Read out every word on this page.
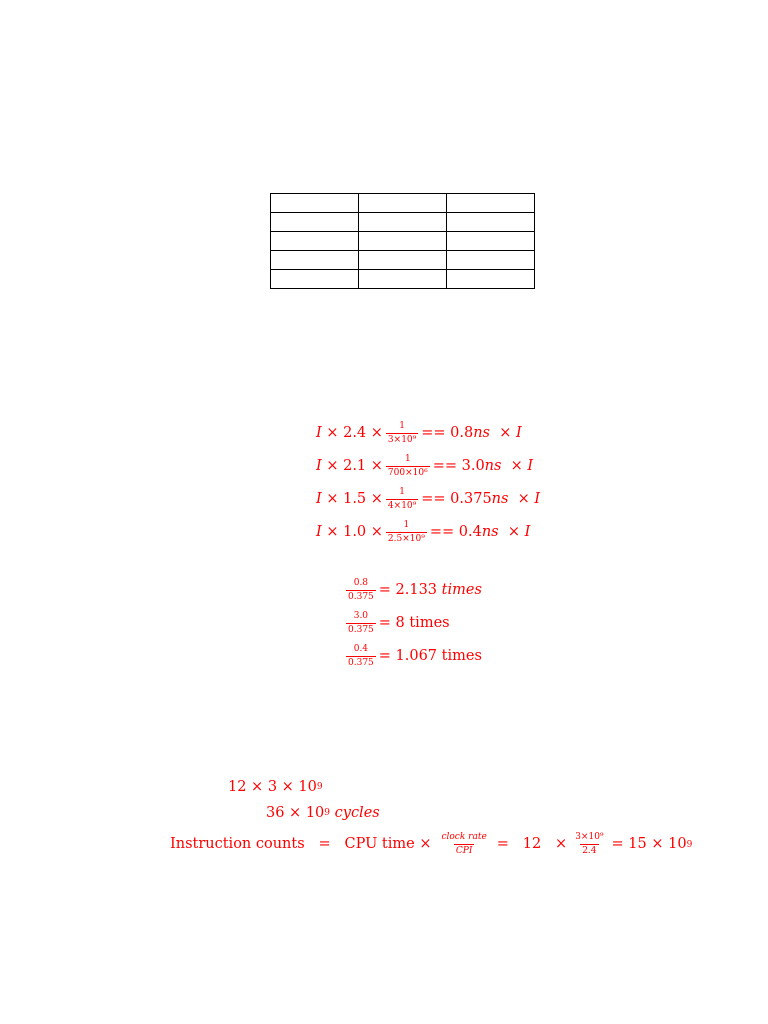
I
× $2.4 \times \frac{1}{\text{3×10⁹}} == 0.8$ ns
× I
I
× $2.1 \times \frac{1}{\text{700×10⁶}} == 3.0$ ns
× I
I
× $1.5 \times \frac{1}{\text{4×10⁹}} == 0.375$ ns
× I
I
× $1.0 \times \frac{1}{\text{2.5×10⁹}} == 0.4$ ns
× I
$\frac{0.8}{0.375} = 2.133$
times
$\frac{3.0}{0.375} = 8$
times
$\frac{0.4}{0.375} = 1.067$
times
12 × 3 × 10 9
36 × 10 9
cycles
Instruction counts
=
CPU time × $\frac{\text{clock rate}}{\text{CPI}}$ =
12
× $\frac{\text{3×10⁹}}{2.4} = 15 \times 10$ 9
